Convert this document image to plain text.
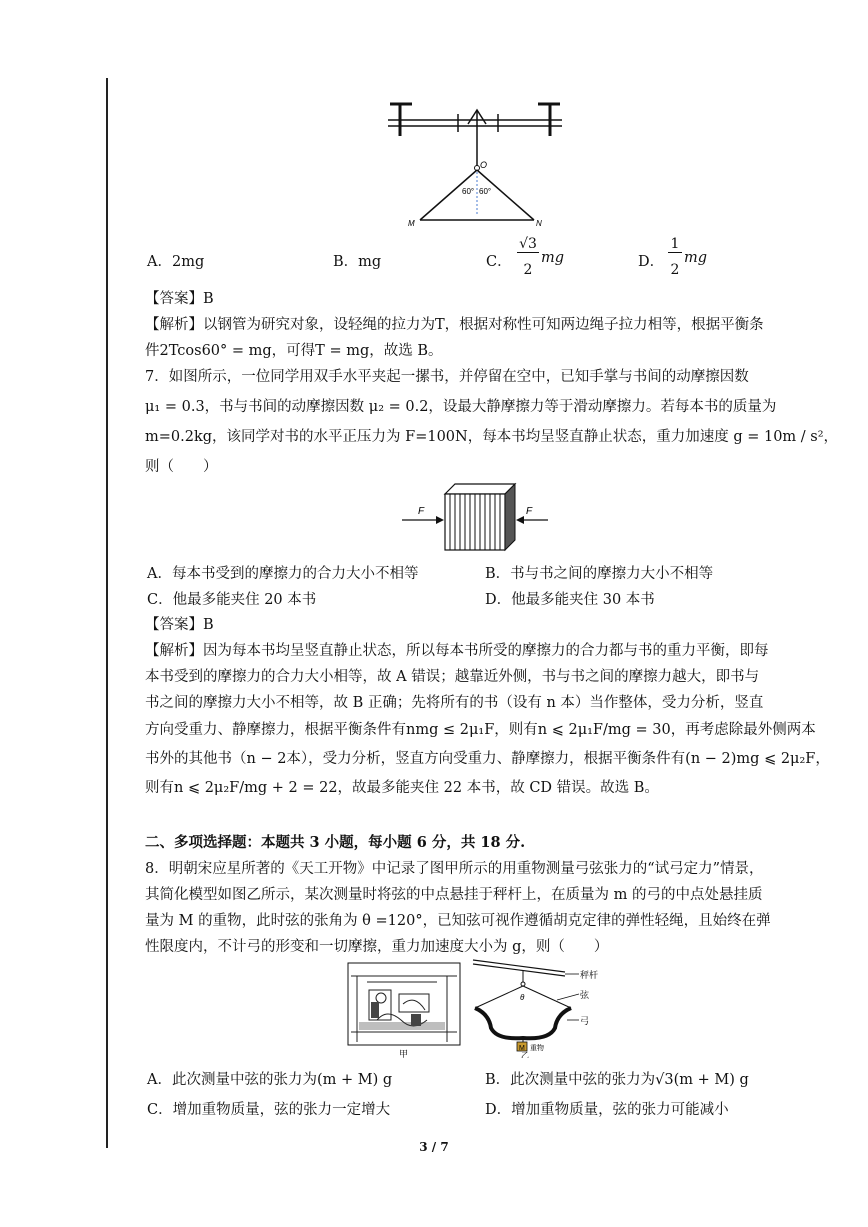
O
60° 60°
M	N
A．2mg	B．mg	C．
√3
2
mg	D．
1
2
mg
【答案】B
【解析】以钢管为研究对象，设轻绳的拉力为T，根据对称性可知两边绳子拉力相等，根据平衡条
件2Tcos60° = mg，可得T = mg，故选 B。
7．如图所示，一位同学用双手水平夹起一摞书，并停留在空中，已知手掌与书间的动摩擦因数
μ₁ = 0.3，书与书间的动摩擦因数 μ₂ = 0.2，设最大静摩擦力等于滑动摩擦力。若每本书的质量为
m=0.2kg，该同学对书的水平正压力为 F=100N，每本书均呈竖直静止状态，重力加速度 g = 10m / s²，
则（　　）
F	F
A．每本书受到的摩擦力的合力大小不相等	B．书与书之间的摩擦力大小不相等
C．他最多能夹住 20 本书	D．他最多能夹住 30 本书
【答案】B
【解析】因为每本书均呈竖直静止状态，所以每本书所受的摩擦力的合力都与书的重力平衡，即每
本书受到的摩擦力的合力大小相等，故 A 错误；越靠近外侧，书与书之间的摩擦力越大，即书与
书之间的摩擦力大小不相等，故 B 正确；先将所有的书（设有 n 本）当作整体，受力分析，竖直
方向受重力、静摩擦力，根据平衡条件有nmg ≤ 2μ₁F，则有n ⩽ 2μ₁F/mg = 30，再考虑除最外侧两本
书外的其他书（n − 2本），受力分析，竖直方向受重力、静摩擦力，根据平衡条件有(n − 2)mg ⩽ 2μ₂F，
则有n ⩽ 2μ₂F/mg + 2 = 22，故最多能夹住 22 本书，故 CD 错误。故选 B。
二、多项选择题：本题共 3 小题，每小题 6 分，共 18 分.
8．明朝宋应星所著的《天工开物》中记录了图甲所示的用重物测量弓弦张力的“试弓定力”情景，
其简化模型如图乙所示，某次测量时将弦的中点悬挂于秤杆上，在质量为 m 的弓的中点处悬挂质
量为 M 的重物，此时弦的张角为 θ =120°，已知弦可视作遵循胡克定律的弹性轻绳，且始终在弹
性限度内，不计弓的形变和一切摩擦，重力加速度大小为 g，则（　　）
甲
秤杆
θ	弦
弓
M 重物
乙
A．此次测量中弦的张力为(m + M) g	B．此次测量中弦的张力为√3(m + M) g
C．增加重物质量，弦的张力一定增大	D．增加重物质量，弦的张力可能减小
3 / 7
